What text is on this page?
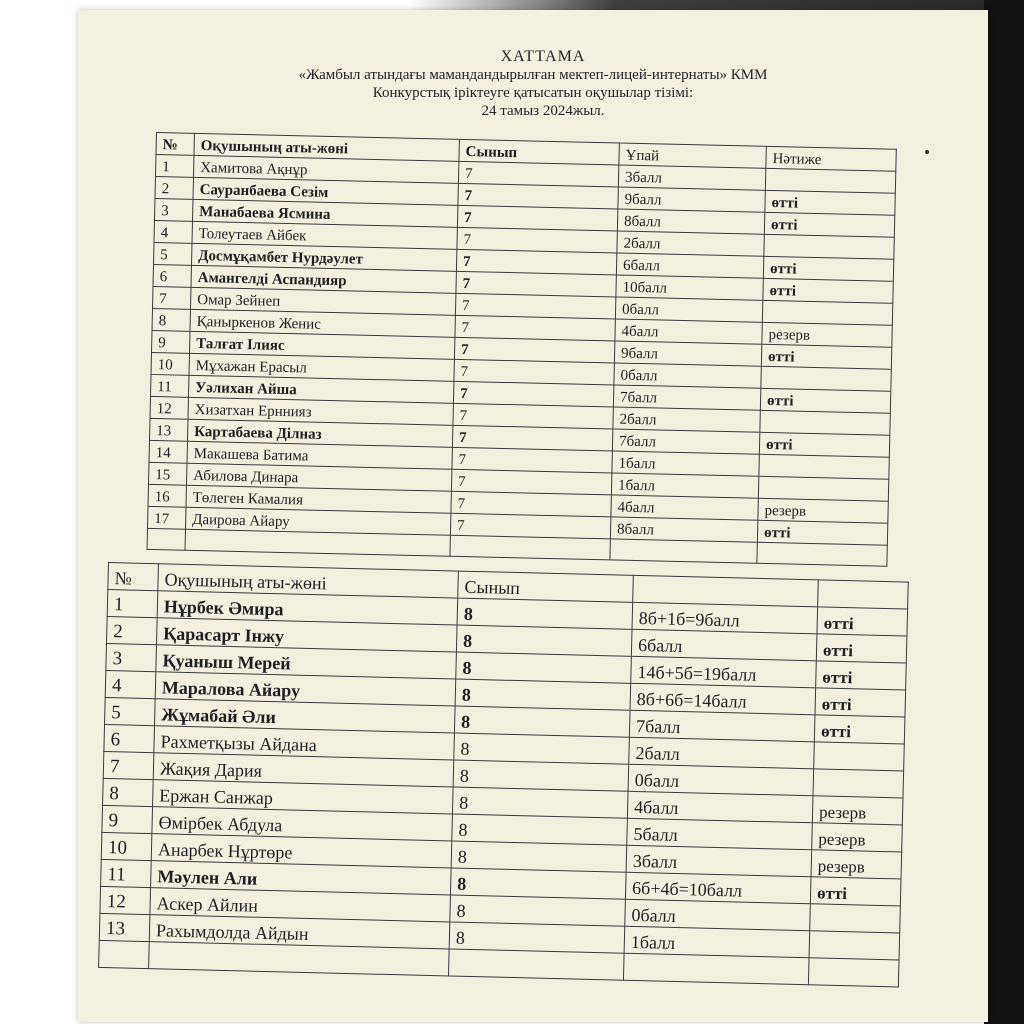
ХАТТАМА
«Жамбыл атындағы мамандандырылған мектеп-лицей-интернаты» КММ
Конкурстық іріктеуге қатысатын оқушылар тізімі:
24 тамыз 2024жыл.
№	Оқушының аты-жөні	Сынып	Ұпай	Нәтиже
1	Хамитова Ақнұр	7	3балл	
2	Сауранбаева Сезім	7	9балл	өтті
3	Манабаева Ясмина	7	8балл	өтті
4	Толеутаев Айбек	7	2балл	
5	Досмұқамбет Нурдәулет	7	6балл	өтті
6	Амангелді Аспандияр	7	10балл	өтті
7	Омар Зейнеп	7	0балл	
8	Қаныркенов Женис	7	4балл	резерв
9	Талғат Ілияс	7	9балл	өтті
10	Мұхажан Ерасыл	7	0балл	
11	Уәлихан Айша	7	7балл	өтті
12	Хизатхан Ерннияз	7	2балл	
13	Картабаева Ділназ	7	7балл	өтті
14	Макашева Батима	7	1балл	
15	Абилова Динара	7	1балл	
16	Төлеген Камалия	7	4балл	резерв
17	Даирова Айару	7	8балл	өтті

№	Оқушының аты-жөні	Сынып		
1	Нұрбек Әмира	8	8б+1б=9балл	өтті
2	Қарасарт Інжу	8	6балл	өтті
3	Қуаныш Мерей	8	14б+5б=19балл	өтті
4	Маралова Айару	8	8б+6б=14балл	өтті
5	Жұмабай Әли	8	7балл	өтті
6	Рахметқызы Айдана	8	2балл	
7	Жақия Дария	8	0балл	
8	Ержан Санжар	8	4балл	резерв
9	Өмірбек Абдула	8	5балл	резерв
10	Анарбек Нұртөре	8	3балл	резерв
11	Мәулен Али	8	6б+4б=10балл	өтті
12	Аскер Айлин	8	0балл	
13	Рахымдолда Айдын	8	1балл	
